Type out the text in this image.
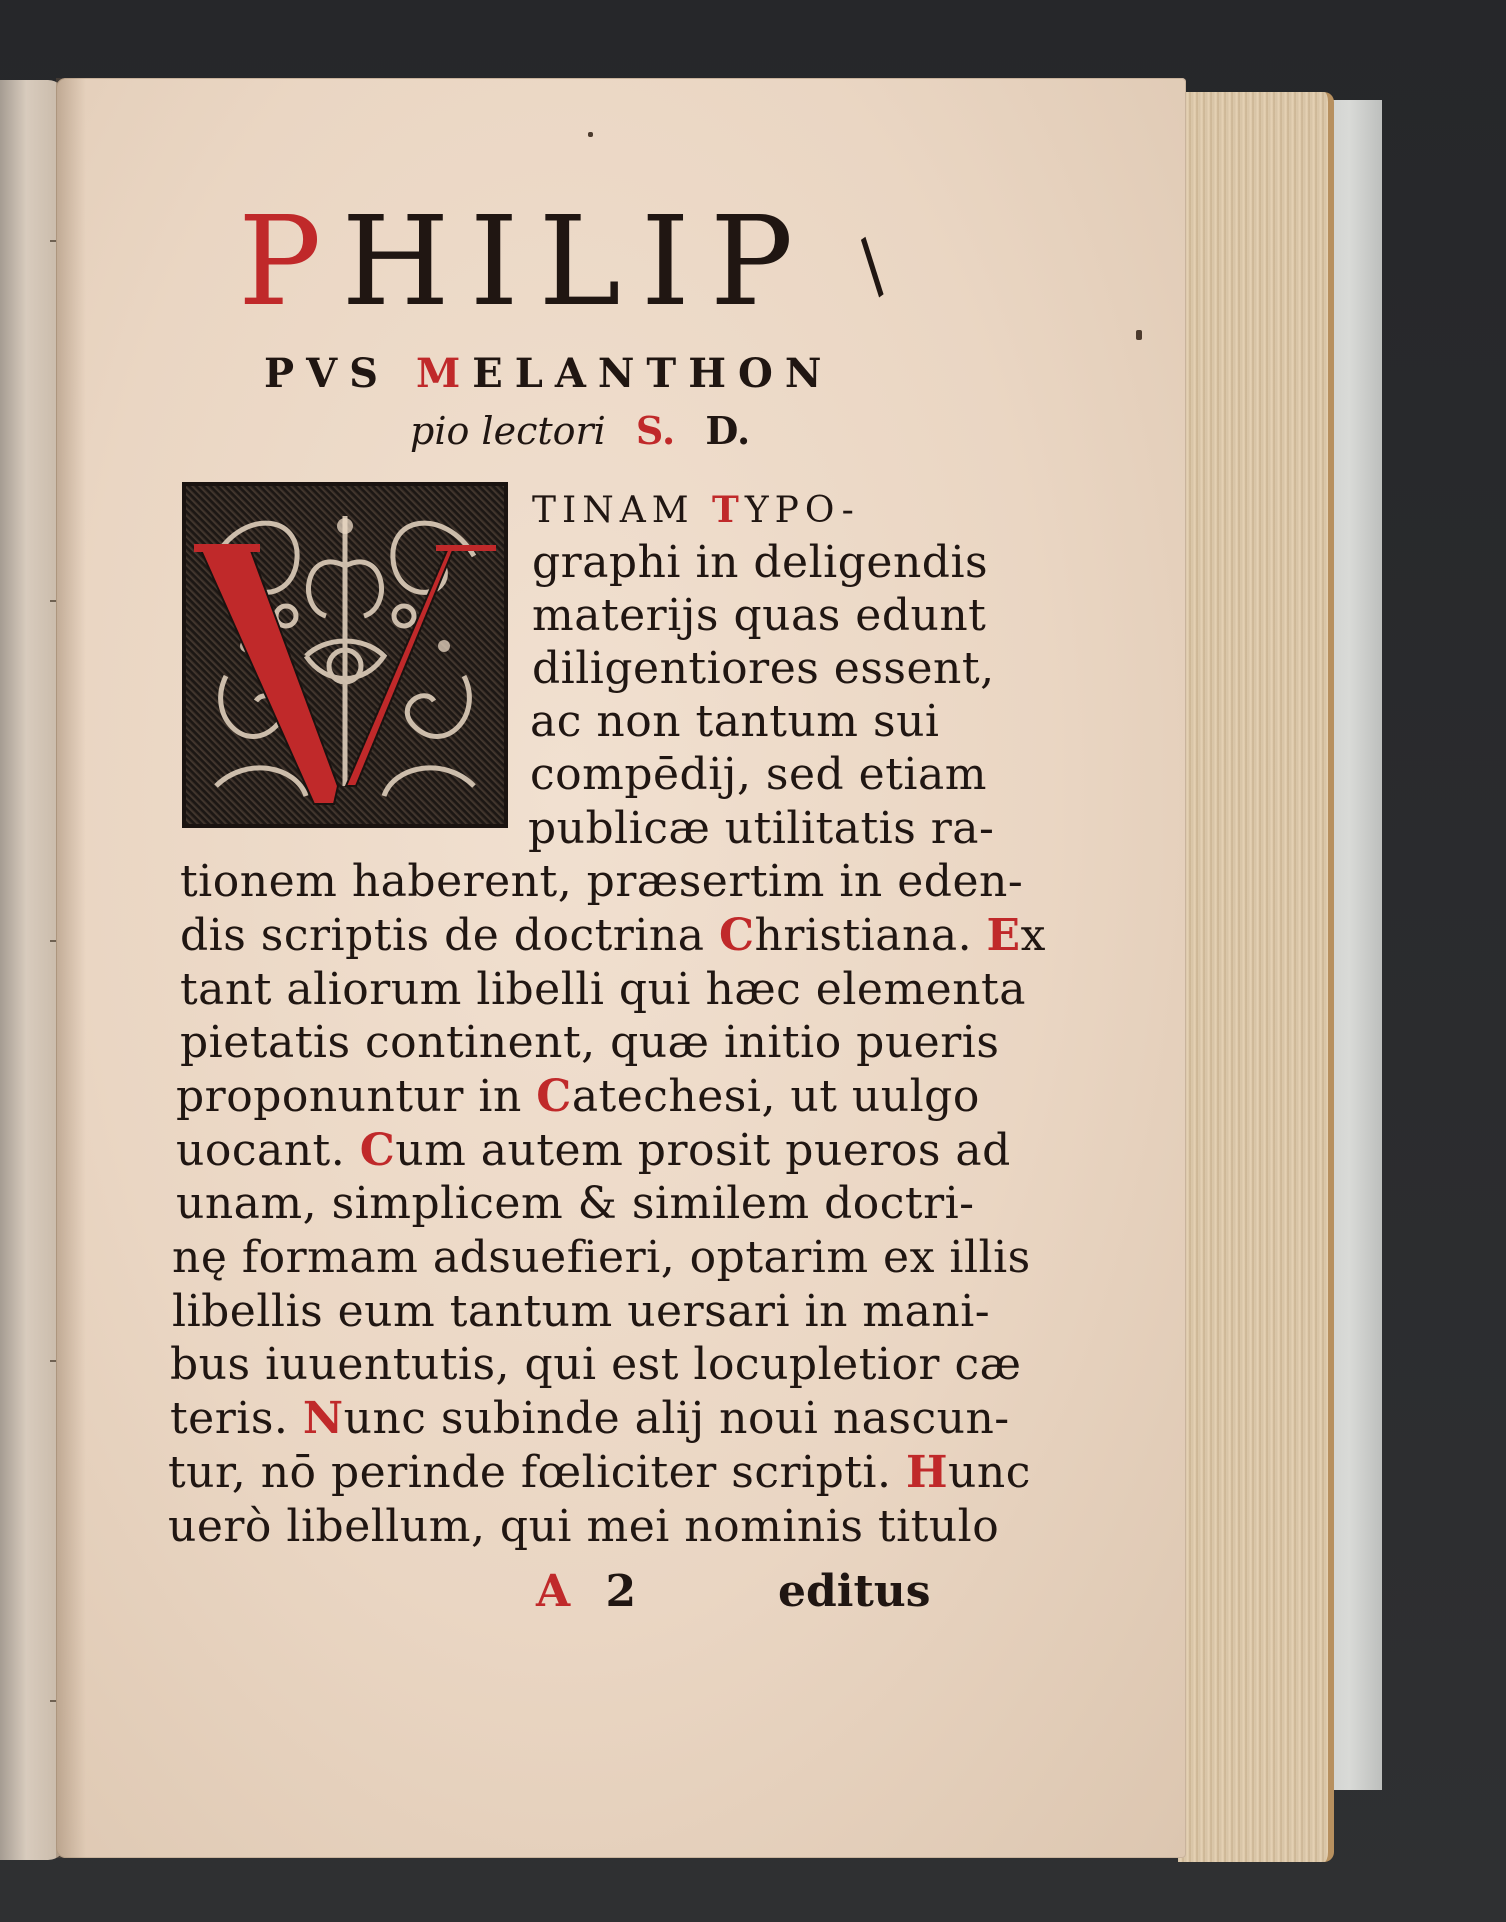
PHILIP /
PVS MELANTHON
pio lectori S. D.
V
TINAM TYPO-
graphi in deligendis
materijs quas edunt
diligentiores essent,
ac non tantum sui
compēdij, sed etiam
publicæ utilitatis ra-
tionem haberent, præsertim in eden-
dis scriptis de doctrina Christiana. Ex
tant aliorum libelli qui hæc elementa
pietatis continent, quæ initio pueris
proponuntur in Catechesi, ut uulgo
uocant. Cum autem prosit pueros ad
unam, simplicem & similem doctri-
nę formam adsuefieri, optarim ex illis
libellis eum tantum uersari in mani-
bus iuuentutis, qui est locupletior cæ
teris. Nunc subinde alij noui nascun-
tur, nō perinde fœliciter scripti. Hunc
uerò libellum, qui mei nominis titulo
A 2	editus
